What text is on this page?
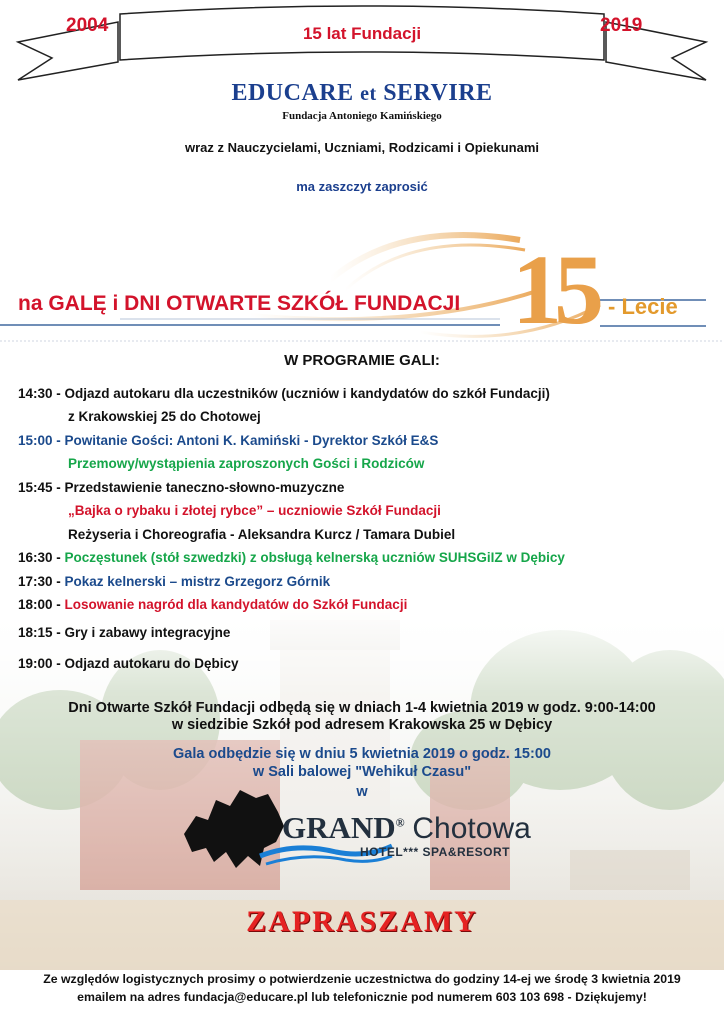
2004	2019
15 lat Fundacji
EDUCARE et SERVIRE
Fundacja Antoniego Kamińskiego
wraz z Nauczycielami, Uczniami, Rodzicami i Opiekunami
ma zaszczyt zaprosić
15
na GALĘ i DNI OTWARTE SZKÓŁ FUNDACJI	- Lecie
W PROGRAMIE GALI:
14:30 - Odjazd autokaru dla uczestników (uczniów i kandydatów do szkół Fundacji)
z Krakowskiej 25 do Chotowej
15:00 - Powitanie Gości: Antoni K. Kamiński - Dyrektor Szkół E&S
Przemowy/wystąpienia zaproszonych Gości i Rodziców
15:45 - Przedstawienie taneczno-słowno-muzyczne
„Bajka o rybaku i złotej rybce” – uczniowie Szkół Fundacji
Reżyseria i Choreografia - Aleksandra Kurcz / Tamara Dubiel
16:30 - Poczęstunek (stół szwedzki) z obsługą kelnerską uczniów SUHSGiIZ w Dębicy
17:30 - Pokaz kelnerski – mistrz Grzegorz Górnik
18:00 - Losowanie nagród dla kandydatów do Szkół Fundacji
18:15 - Gry i zabawy integracyjne
19:00 - Odjazd autokaru do Dębicy
Dni Otwarte Szkół Fundacji odbędą się w dniach 1-4 kwietnia 2019 w godz. 9:00-14:00
w siedzibie Szkół pod adresem Krakowska 25 w Dębicy
Gala odbędzie się w dniu 5 kwietnia 2019 o godz. 15:00
w Sali balowej "Wehikuł Czasu"
w
GRAND® Chotowa
HOTEL*** SPA&RESORT
ZAPRASZAMY
Ze względów logistycznych prosimy o potwierdzenie uczestnictwa do godziny 14-ej we środę 3 kwietnia 2019
emailem na adres fundacja@educare.pl lub telefonicznie pod numerem 603 103 698 - Dziękujemy!
